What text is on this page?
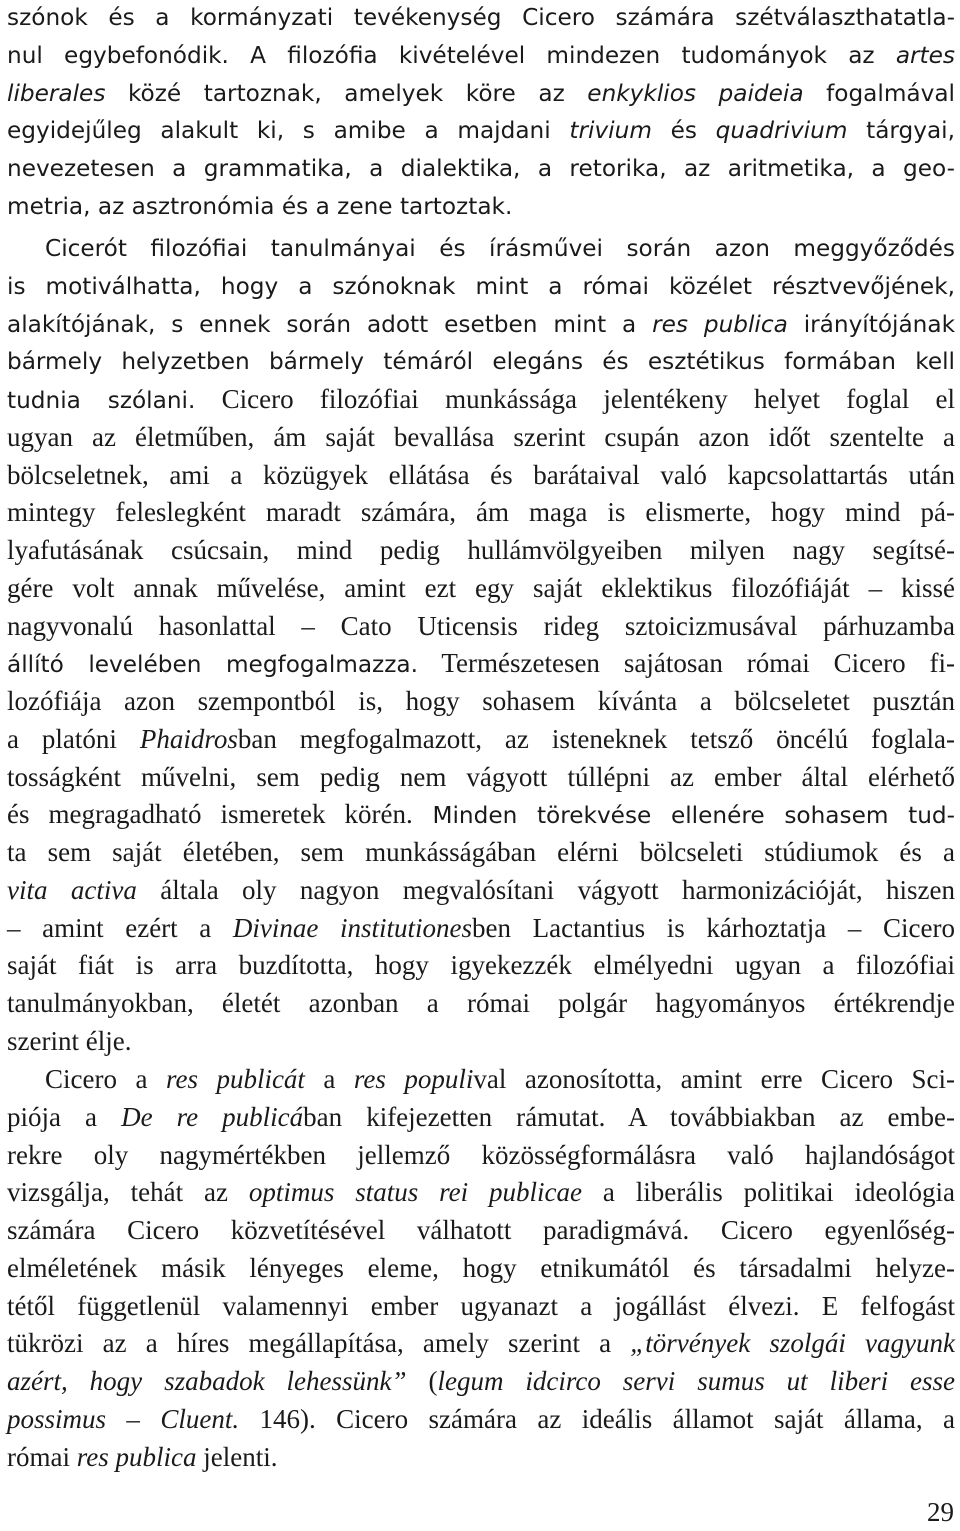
szónok és a kormányzati tevékenység Cicero számára szétválaszthatatla-
nul egybefonódik. A filozófia kivételével mindezen tudományok az artes
liberales közé tartoznak, amelyek köre az enkyklios paideia fogalmával
egyidejűleg alakult ki, s amibe a majdani trivium és quadrivium tárgyai,
nevezetesen a grammatika, a dialektika, a retorika, az aritmetika, a geo-
metria, az asztronómia és a zene tartoztak.
Cicerót filozófiai tanulmányai és írásművei során azon meggyőződés
is motiválhatta, hogy a szónoknak mint a római közélet résztvevőjének,
alakítójának, s ennek során adott esetben mint a res publica irányítójának
bármely helyzetben bármely témáról elegáns és esztétikus formában kell
tudnia szólani. Cicero filozófiai munkássága jelentékeny helyet foglal el
ugyan az életműben, ám saját bevallása szerint csupán azon időt szentelte a
bölcseletnek, ami a közügyek ellátása és barátaival való kapcsolattartás után
mintegy feleslegként maradt számára, ám maga is elismerte, hogy mind pá-
lyafutásának csúcsain, mind pedig hullámvölgyeiben milyen nagy segítsé-
gére volt annak művelése, amint ezt egy saját eklektikus filozófiáját – kissé
nagyvonalú hasonlattal – Cato Uticensis rideg sztoicizmusával párhuzamba
állító levelében megfogalmazza. Természetesen sajátosan római Cicero fi-
lozófiája azon szempontból is, hogy sohasem kívánta a bölcseletet pusztán
a platóni Phaidrosban megfogalmazott, az isteneknek tetsző öncélú foglala-
tosságként művelni, sem pedig nem vágyott túllépni az ember által elérhető
és megragadható ismeretek körén. Minden törekvése ellenére sohasem tud-
ta sem saját életében, sem munkásságában elérni bölcseleti stúdiumok és a
vita activa általa oly nagyon megvalósítani vágyott harmonizációját, hiszen
– amint ezért a Divinae institutionesben Lactantius is kárhoztatja – Cicero
saját fiát is arra buzdította, hogy igyekezzék elmélyedni ugyan a filozófiai
tanulmányokban, életét azonban a római polgár hagyományos értékrendje
szerint élje.
Cicero a res publicát a res populival azonosította, amint erre Cicero Sci-
piója a De re publicában kifejezetten rámutat. A továbbiakban az embe-
rekre oly nagymértékben jellemző közösségformálásra való hajlandóságot
vizsgálja, tehát az optimus status rei publicae a liberális politikai ideológia
számára Cicero közvetítésével válhatott paradigmává. Cicero egyenlőség-
elméletének másik lényeges eleme, hogy etnikumától és társadalmi helyze-
tétől függetlenül valamennyi ember ugyanazt a jogállást élvezi. E felfogást
tükrözi az a híres megállapítása, amely szerint a „törvények szolgái vagyunk
azért, hogy szabadok lehessünk” (legum idcirco servi sumus ut liberi esse
possimus – Cluent. 146). Cicero számára az ideális államot saját állama, a
római res publica jelenti.
29
